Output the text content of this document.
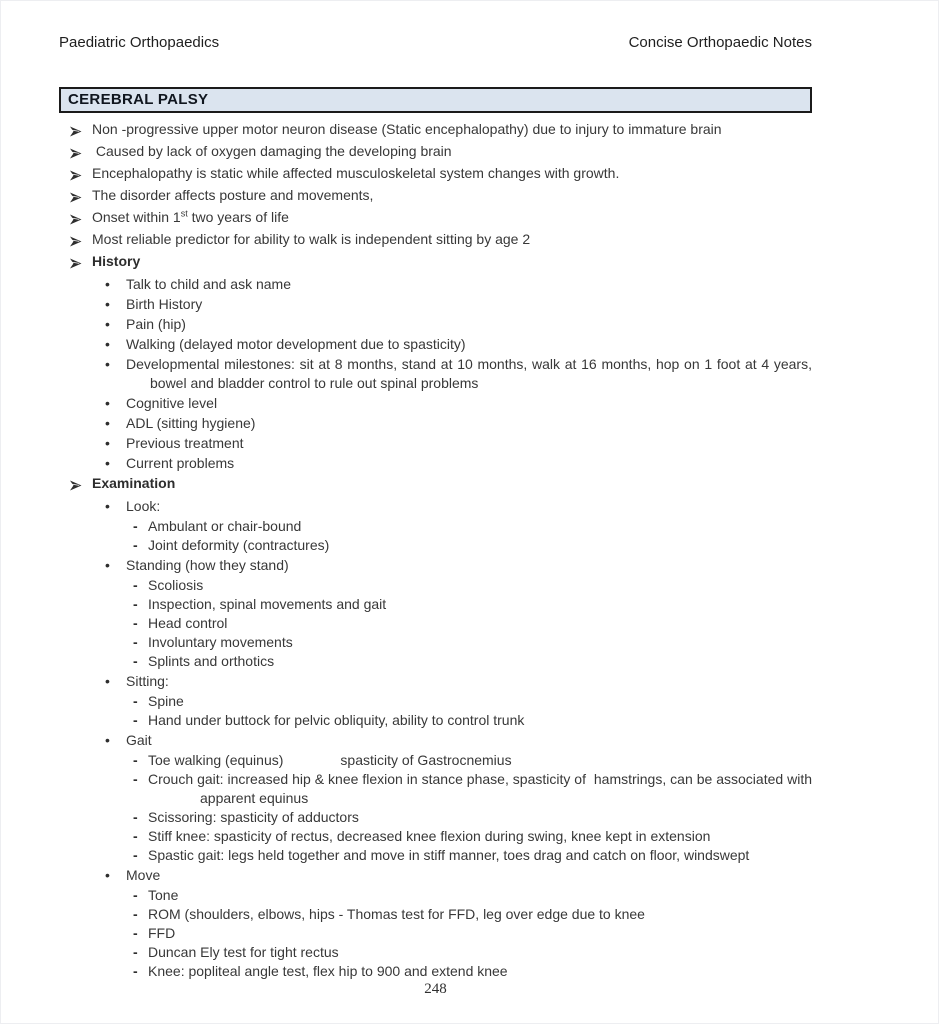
Paediatric Orthopaedics	Concise Orthopaedic Notes
CEREBRAL PALSY
Non -progressive upper motor neuron disease (Static encephalopathy) due to injury to immature brain
Caused by lack of oxygen damaging the developing brain
Encephalopathy is static while affected musculoskeletal system changes with growth.
The disorder affects posture and movements,
Onset within 1st two years of life
Most reliable predictor for ability to walk is independent sitting by age 2
History
•	Talk to child and ask name
•	Birth History
•	Pain (hip)
•	Walking (delayed motor development due to spasticity)
•	Developmental milestones: sit at 8 months, stand at 10 months, walk at 16 months, hop on 1 foot at 4 years, bowel and bladder control to rule out spinal problems
•	Cognitive level
•	ADL (sitting hygiene)
•	Previous treatment
•	Current problems
Examination
•	Look:
- Ambulant or chair-bound
- Joint deformity (contractures)
•	Standing (how they stand)
- Scoliosis
- Inspection, spinal movements and gait
- Head control
- Involuntary movements
- Splints and orthotics
•	Sitting:
- Spine
- Hand under buttock for pelvic obliquity, ability to control trunk
•	Gait
- Toe walking (equinus)	spasticity of Gastrocnemius
- Crouch gait: increased hip & knee flexion in stance phase, spasticity of  hamstrings, can be associated with apparent equinus
- Scissoring: spasticity of adductors
- Stiff knee: spasticity of rectus, decreased knee flexion during swing, knee kept in extension
- Spastic gait: legs held together and move in stiff manner, toes drag and catch on floor, windswept
•	Move
- Tone
- ROM (shoulders, elbows, hips - Thomas test for FFD, leg over edge due to knee
- FFD
- Duncan Ely test for tight rectus
- Knee: popliteal angle test, flex hip to 900 and extend knee
248
